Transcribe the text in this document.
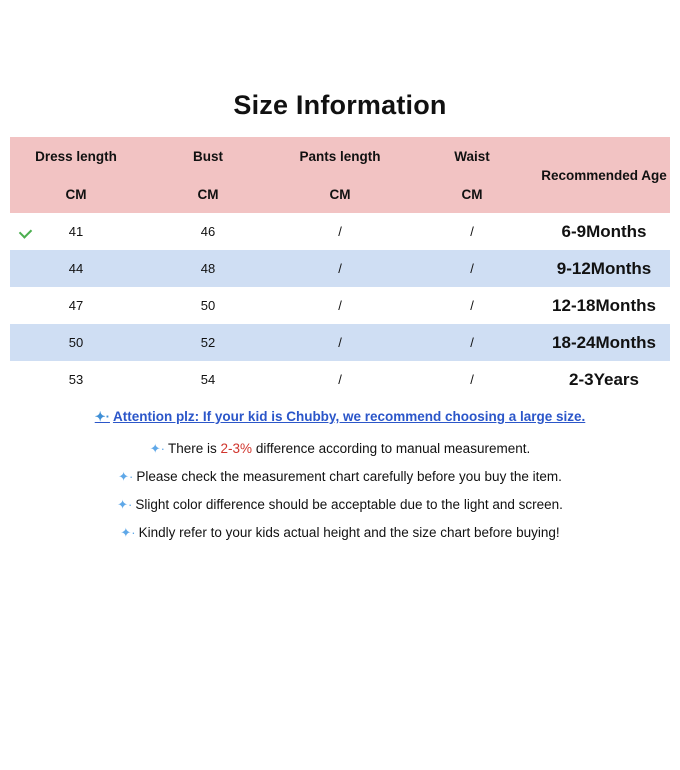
Size Information
Dress length	Bust	Pants length	Waist	Recommended Age
CM	CM	CM	CM	
41	46	/	/	6-9Months
44	48	/	/	9-12Months
47	50	/	/	12-18Months
50	52	/	/	18-24Months
53	54	/	/	2-3Years
✦· Attention plz: If your kid is Chubby, we recommend choosing a large size.
✦· There is 2-3% difference according to manual measurement.
✦· Please check the measurement chart carefully before you buy the item.
✦· Slight color difference should be acceptable due to the light and screen.
✦· Kindly refer to your kids actual height and the size chart before buying!
